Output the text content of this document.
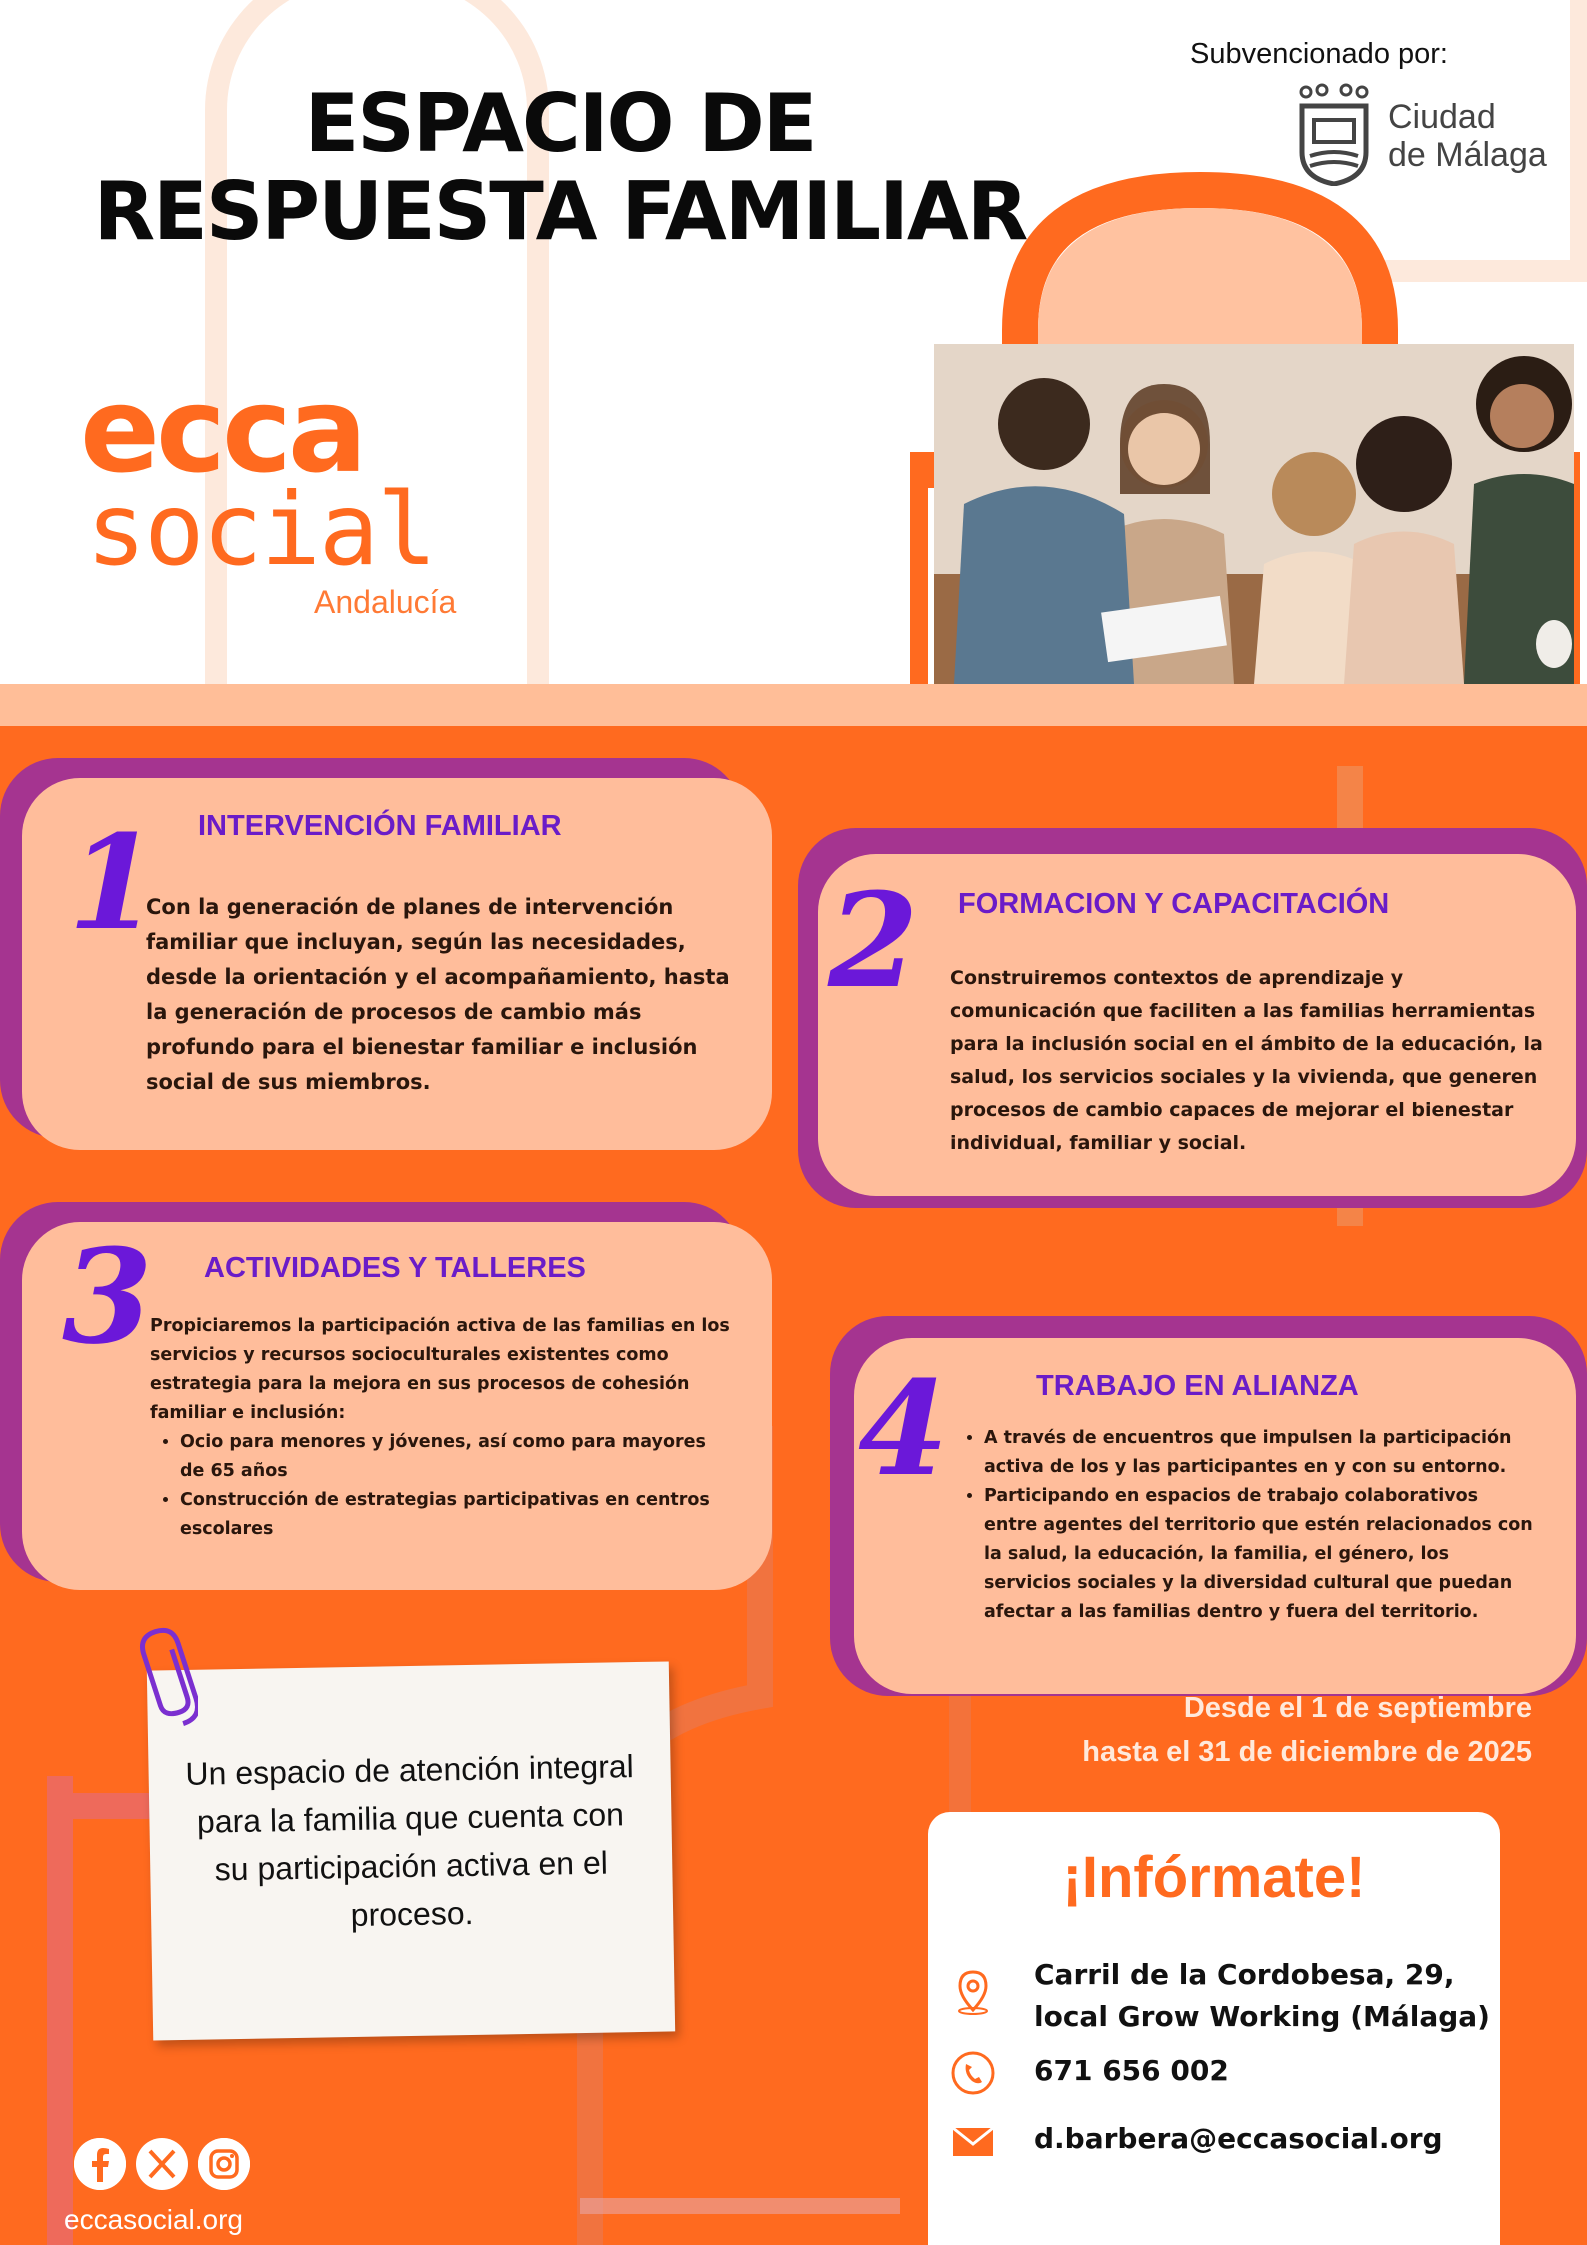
ESPACIO DE
RESPUESTA FAMILIAR
Subvencionado por:
Ciudad
de Málaga
ecca
social
Andalucía
1 INTERVENCIÓN FAMILIAR
Con la generación de planes de intervención familiar que incluyan, según las necesidades, desde la orientación y el acompañamiento, hasta la generación de procesos de cambio más profundo para el bienestar familiar e inclusión social de sus miembros.
2 FORMACION Y CAPACITACIÓN
Construiremos contextos de aprendizaje y comunicación que faciliten a las familias herramientas para la inclusión social en el ámbito de la educación, la salud, los servicios sociales y la vivienda, que generen procesos de cambio capaces de mejorar el bienestar individual, familiar y social.
3 ACTIVIDADES Y TALLERES
Propiciaremos la participación activa de las familias en los servicios y recursos socioculturales existentes como estrategia para la mejora en sus procesos de cohesión familiar e inclusión:
• Ocio para menores y jóvenes, así como para mayores de 65 años
• Construcción de estrategias participativas en centros escolares
4	TRABAJO EN ALIANZA
• A través de encuentros que impulsen la participación activa de los y las participantes en y con su entorno.
• Participando en espacios de trabajo colaborativos entre agentes del territorio que estén relacionados con la salud, la educación, la familia, el género, los servicios sociales y la diversidad cultural que puedan afectar a las familias dentro y fuera del territorio.
Un espacio de atención integral para la familia que cuenta con su participación activa en el proceso.
Desde el 1 de septiembre
hasta el 31 de diciembre de 2025
¡Infórmate!
Carril de la Cordobesa, 29,
local Grow Working (Málaga)
671 656 002
d.barbera@eccasocial.org
eccasocial.org
